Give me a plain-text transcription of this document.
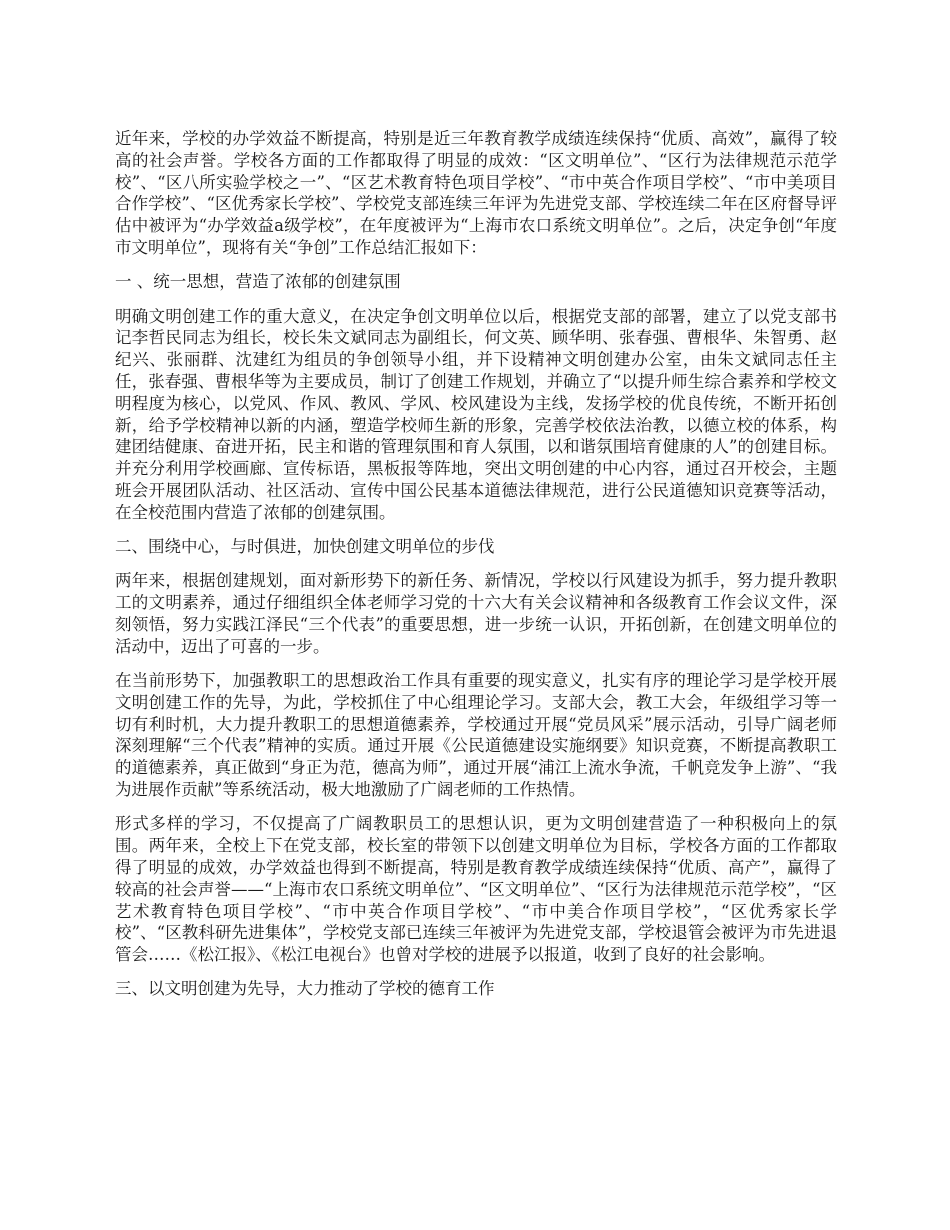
近年来，学校的办学效益不断提高，特别是近三年教育教学成绩连续保持“优质、高效”，赢得了较高的社会声誉。学校各方面的工作都取得了明显的成效：“区文明单位”、“区行为法律规范示范学校”、“区八所实验学校之一”、“区艺术教育特色项目学校”、“市中英合作项目学校”、“市中美项目合作学校”、“区优秀家长学校”、学校党支部连续三年评为先进党支部、学校连续二年在区府督导评估中被评为“办学效益a级学校”，在年度被评为“上海市农口系统文明单位”。之后，决定争创“年度市文明单位”，现将有关“争创”工作总结汇报如下：

一 、统一思想，营造了浓郁的创建氛围

明确文明创建工作的重大意义，在决定争创文明单位以后，根据党支部的部署，建立了以党支部书记李哲民同志为组长，校长朱文斌同志为副组长，何文英、顾华明、张春强、曹根华、朱智勇、赵纪兴、张丽群、沈建红为组员的争创领导小组，并下设精神文明创建办公室，由朱文斌同志任主任，张春强、曹根华等为主要成员，制订了创建工作规划，并确立了“以提升师生综合素养和学校文明程度为核心，以党风、作风、教风、学风、校风建设为主线，发扬学校的优良传统，不断开拓创新，给予学校精神以新的内涵，塑造学校师生新的形象，完善学校依法治教，以德立校的体系，构建团结健康、奋进开拓，民主和谐的管理氛围和育人氛围，以和谐氛围培育健康的人”的创建目标。并充分利用学校画廊、宣传标语，黑板报等阵地，突出文明创建的中心内容，通过召开校会，主题班会开展团队活动、社区活动、宣传中国公民基本道德法律规范，进行公民道德知识竞赛等活动，在全校范围内营造了浓郁的创建氛围。

二、围绕中心，与时俱进，加快创建文明单位的步伐

两年来，根据创建规划，面对新形势下的新任务、新情况，学校以行风建设为抓手，努力提升教职工的文明素养，通过仔细组织全体老师学习党的十六大有关会议精神和各级教育工作会议文件，深刻领悟，努力实践江泽民“三个代表”的重要思想，进一步统一认识，开拓创新，在创建文明单位的活动中，迈出了可喜的一步。

在当前形势下，加强教职工的思想政治工作具有重要的现实意义，扎实有序的理论学习是学校开展文明创建工作的先导，为此，学校抓住了中心组理论学习。支部大会，教工大会，年级组学习等一切有利时机，大力提升教职工的思想道德素养，学校通过开展“党员风采”展示活动，引导广阔老师深刻理解“三个代表”精神的实质。通过开展《公民道德建设实施纲要》知识竞赛，不断提高教职工的道德素养，真正做到“身正为范，德高为师”，通过开展“浦江上流水争流，千帆竞发争上游”、“我为进展作贡献”等系统活动，极大地激励了广阔老师的工作热情。

形式多样的学习，不仅提高了广阔教职员工的思想认识，更为文明创建营造了一种积极向上的氛围。两年来，全校上下在党支部，校长室的带领下以创建文明单位为目标，学校各方面的工作都取得了明显的成效，办学效益也得到不断提高，特别是教育教学成绩连续保持“优质、高产”，赢得了较高的社会声誉——“上海市农口系统文明单位”、“区文明单位”、“区行为法律规范示范学校”，“区艺术教育特色项目学校”、“市中英合作项目学校”、“市中美合作项目学校”，“区优秀家长学校”、“区教科研先进集体”，学校党支部已连续三年被评为先进党支部，学校退管会被评为市先进退管会……《松江报》、《松江电视台》也曾对学校的进展予以报道，收到了良好的社会影响。

三、以文明创建为先导，大力推动了学校的德育工作
